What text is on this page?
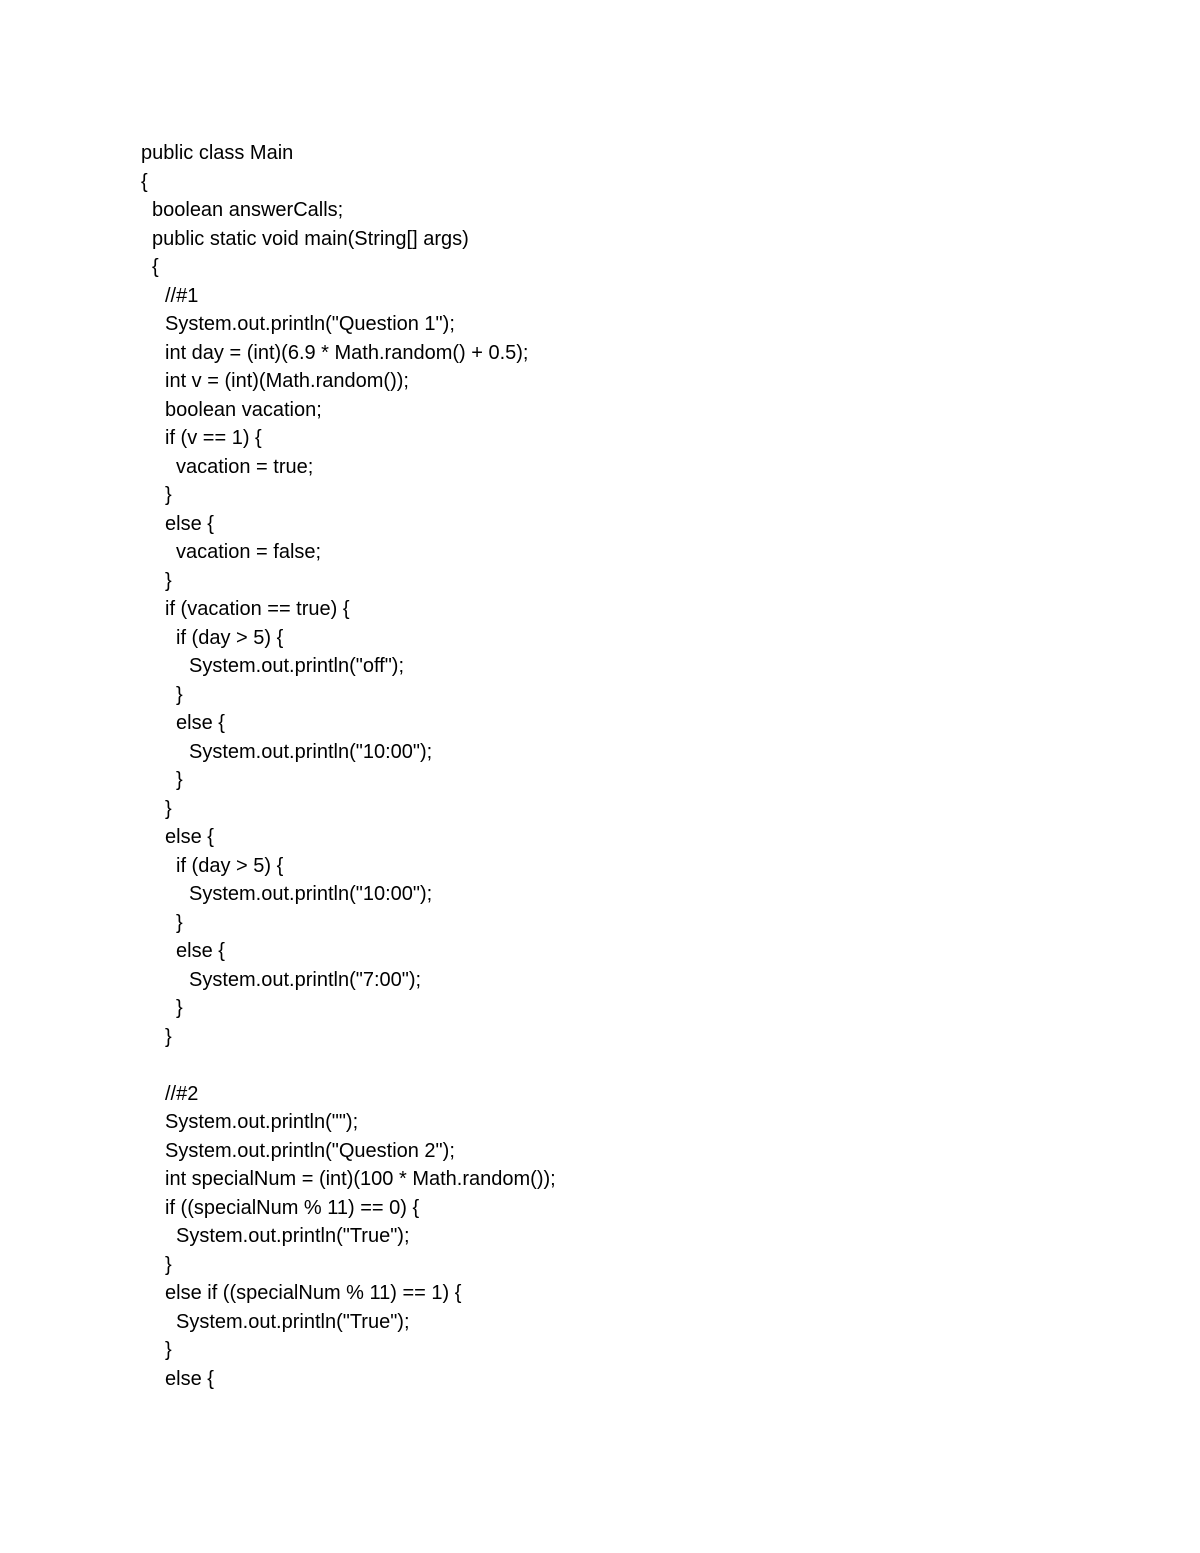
public class Main
{
boolean answerCalls;
public static void main(String[] args)
{
//#1
System.out.println("Question 1");
int day = (int)(6.9 * Math.random() + 0.5);
int v = (int)(Math.random());
boolean vacation;
if (v == 1) {
vacation = true;
}
else {
vacation = false;
}
if (vacation == true) {
if (day > 5) {
System.out.println("off");
}
else {
System.out.println("10:00");
}
}
else {
if (day > 5) {
System.out.println("10:00");
}
else {
System.out.println("7:00");
}
}
//#2
System.out.println("");
System.out.println("Question 2");
int specialNum = (int)(100 * Math.random());
if ((specialNum % 11) == 0) {
System.out.println("True");
}
else if ((specialNum % 11) == 1) {
System.out.println("True");
}
else {
